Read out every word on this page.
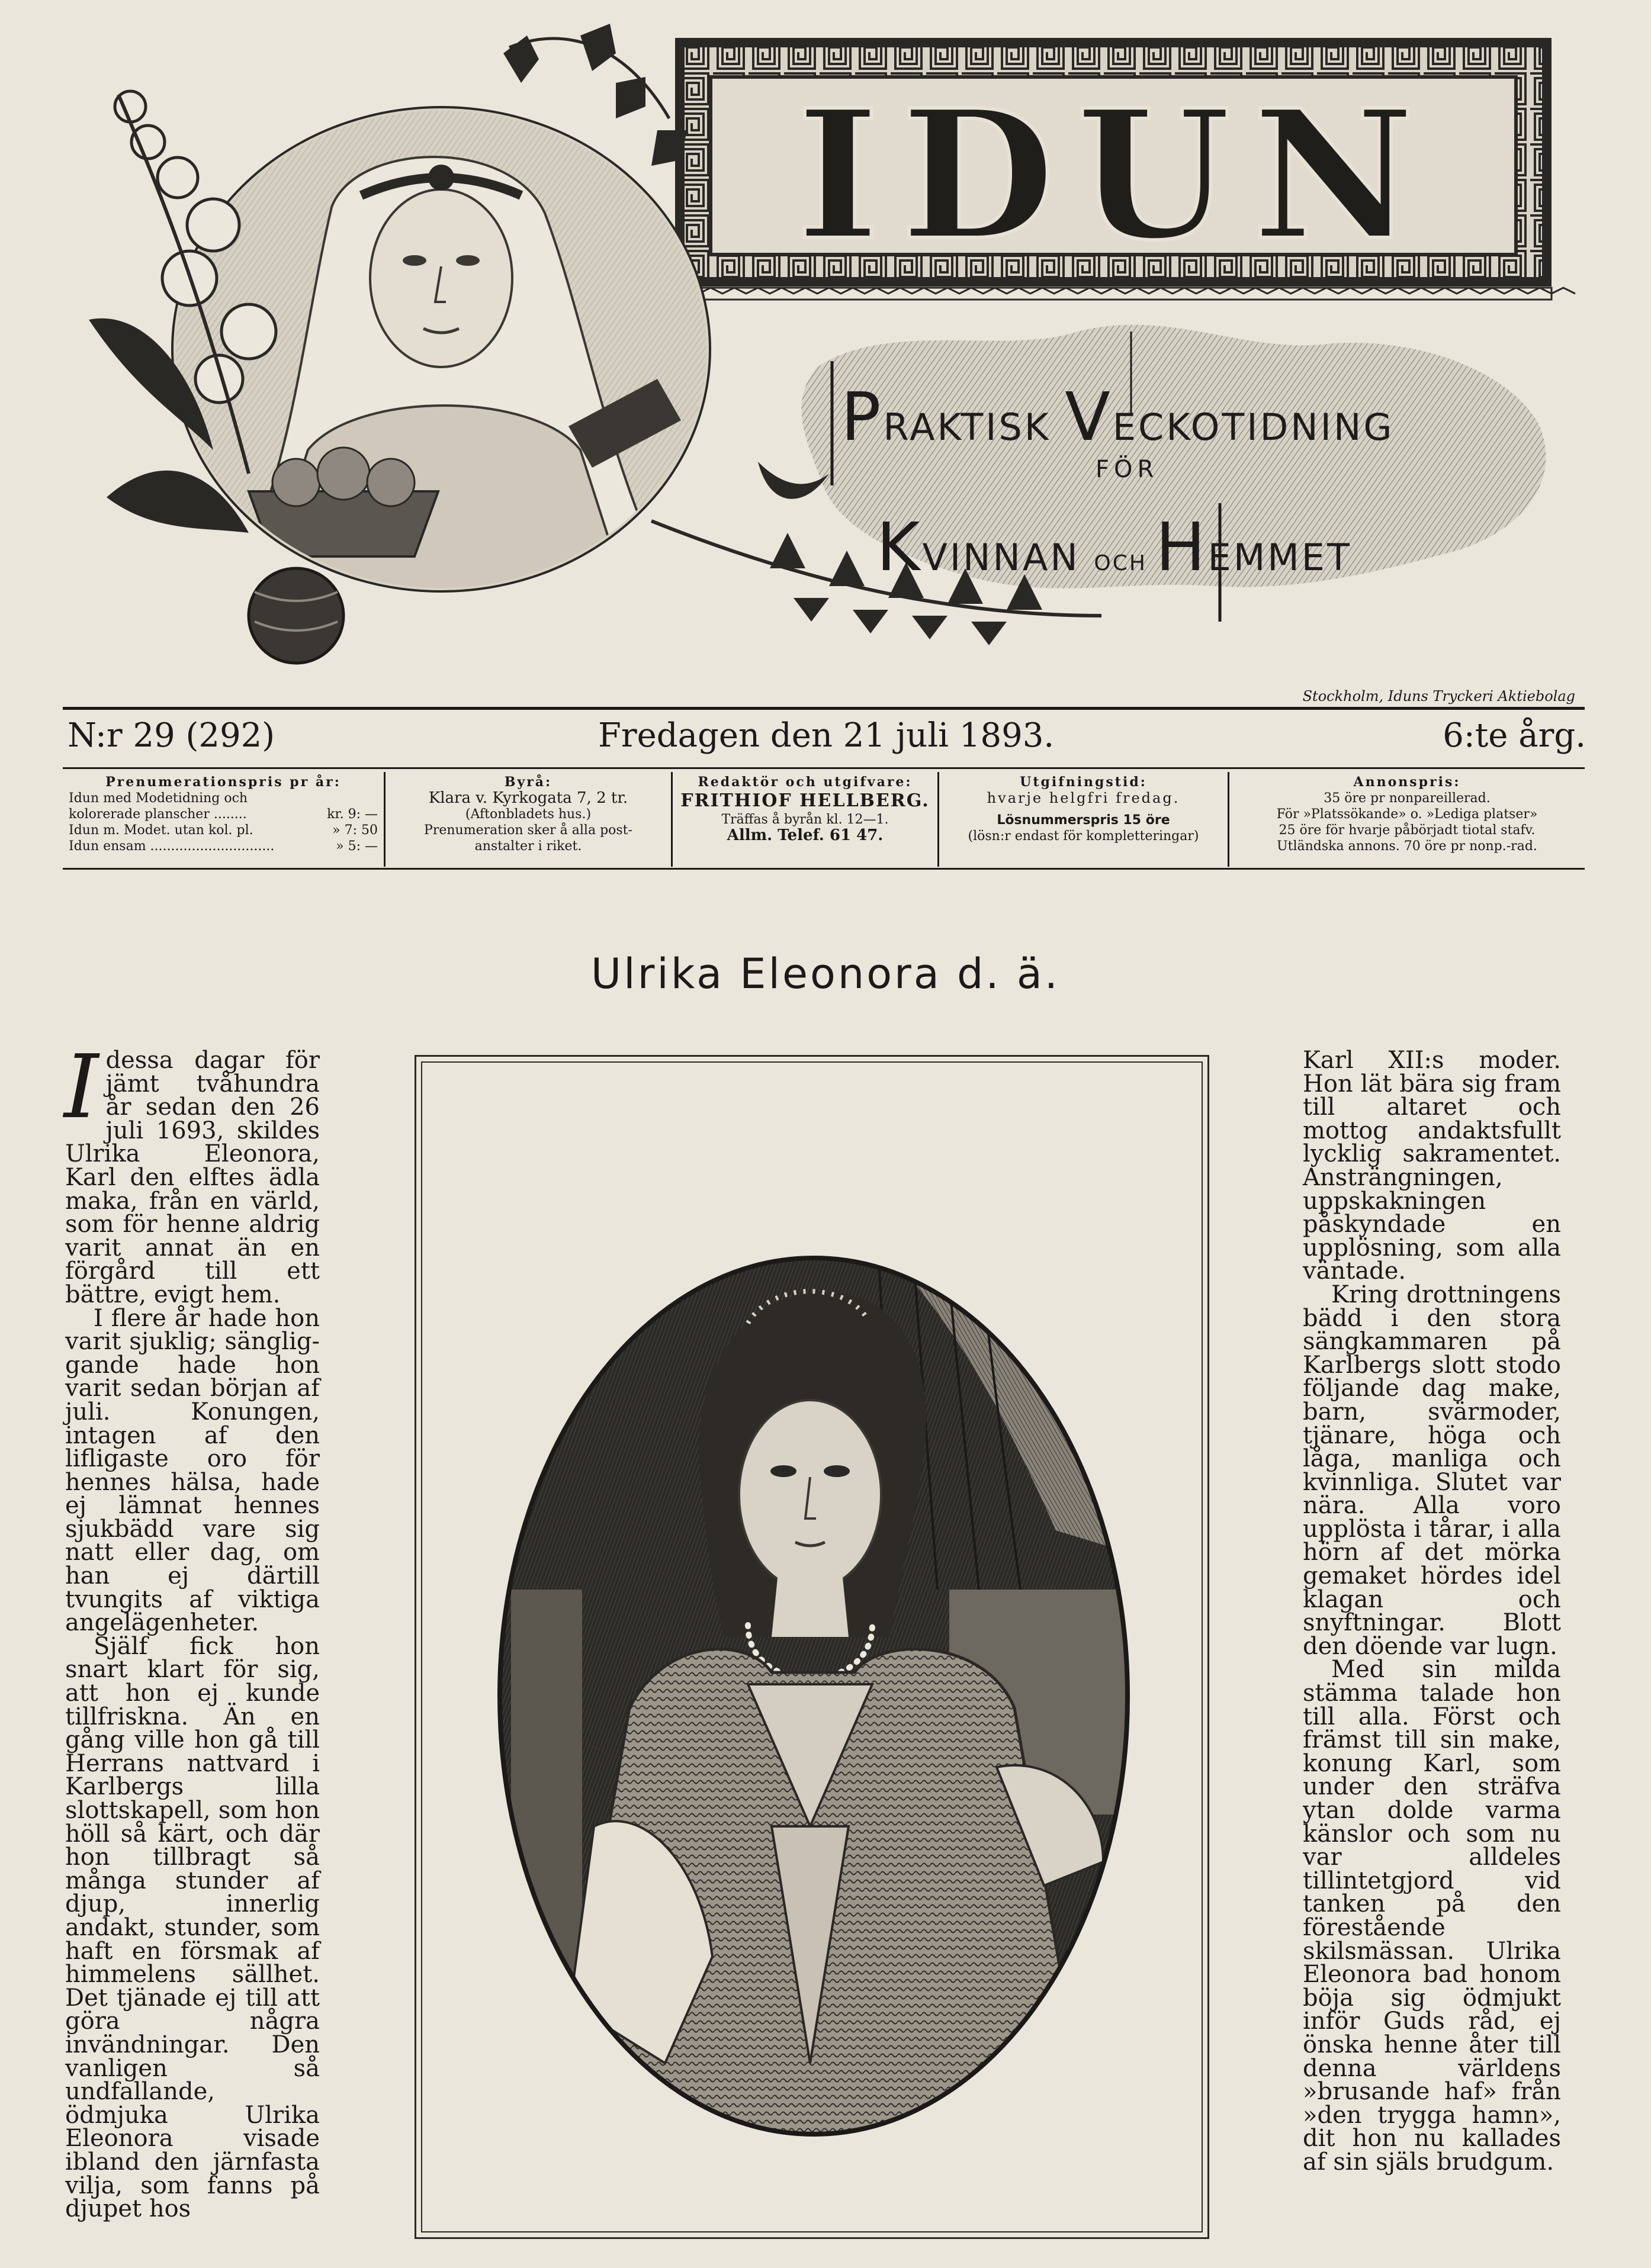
IDUN
PRAKTISK VECKOTIDNING
FÖR
KVINNAN OCH HEMMET
Stockholm, Iduns Tryckeri Aktiebolag
N:r 29 (292)	Fredagen den 21 juli 1893.	6:te årg.
Prenumerationspris pr år:
Idun med Modetidning och
kolorerade planscher ........	kr. 9: —
Idun m. Modet. utan kol. pl.	» 7: 50
Idun ensam ..............................	» 5: —
Byrå:
Klara v. Kyrkogata 7, 2 tr.
(Aftonbladets hus.)
Prenumeration sker å alla post-
anstalter i riket.
Redaktör och utgifvare:
FRITHIOF HELLBERG.
Träffas å byrån kl. 12—1.
Allm. Telef. 61 47.
Utgifningstid:
hvarje helgfri fredag.
Lösnummerspris 15 öre
(lösn:r endast för kompletteringar)
Annonspris:
35 öre pr nonpareillerad.
För »Platssökande» o. »Lediga platser»
25 öre för hvarje påbörjadt tiotal stafv.
Utländska annons. 70 öre pr nonp.-rad.
Ulrika Eleonora d. ä.

Idessa dagar för jämt tvåhundra år sedan den 26 juli 1693, skildes Ulrika Eleonora, Karl den elftes ädla maka, från en värld, som för henne aldrig varit annat än en förgård till ett bättre, evigt hem.

I flere år hade hon varit sjuklig; sänglig-gande hade hon varit sedan början af juli. Konungen, intagen af den lifligaste oro för hennes hälsa, hade ej lämnat hennes sjukbädd vare sig natt eller dag, om han ej därtill tvungits af viktiga angelägenheter.

Själf fick hon snart klart för sig, att hon ej kunde tillfriskna. Än en gång ville hon gå till Herrans nattvard i Karlbergs lilla slottskapell, som hon höll så kärt, och där hon tillbragt så många stunder af djup, innerlig andakt, stunder, som haft en försmak af himmelens sällhet. Det tjänade ej till att göra några invändningar. Den vanligen så undfallande, ödmjuka Ulrika Eleonora visade ibland den järnfasta vilja, som fanns på djupet hos

Karl XII:s moder. Hon lät bära sig fram till altaret och mottog andaktsfullt lycklig sakramentet. Ansträngningen, uppskakningen påskyndade en upplösning, som alla väntade.

Kring drottningens bädd i den stora sängkammaren på Karlbergs slott stodo följande dag make, barn, svärmoder, tjänare, höga och låga, manliga och kvinnliga. Slutet var nära. Alla voro upplösta i tårar, i alla hörn af det mörka gemaket hördes idel klagan och snyftningar. Blott den döende var lugn.

Med sin milda stämma talade hon till alla. Först och främst till sin make, konung Karl, som under den sträfva ytan dolde varma känslor och som nu var alldeles tillintetgjord vid tanken på den förestående skilsmässan. Ulrika Eleonora bad honom böja sig ödmjukt inför Guds råd, ej önska henne åter till denna världens »brusande haf» från »den trygga hamn», dit hon nu kallades af sin själs brudgum.
